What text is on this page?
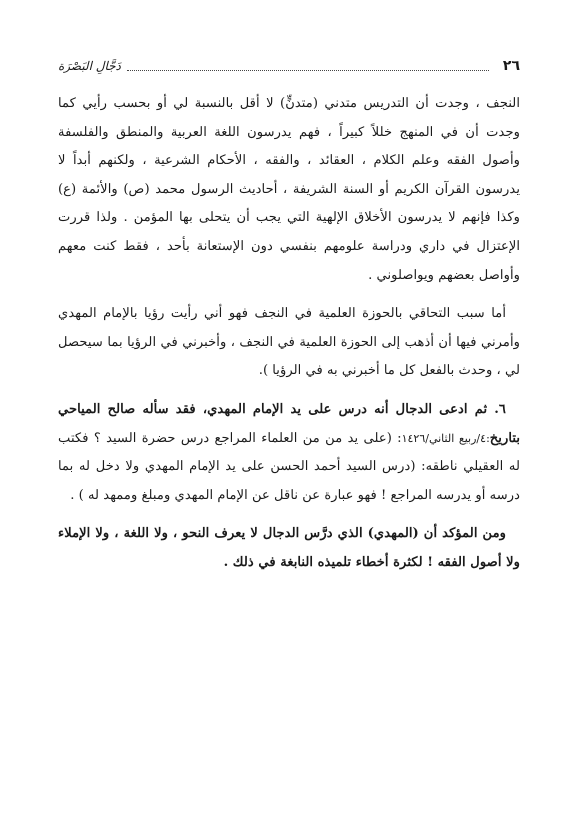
٢٦
دَجَّالِ البَصْرَة

النجف ، وجدت أن التدريس متدني (متدنٍّ) لا أقل بالنسبة لي أو بحسب رأيي كما وجدت أن في المنهج خللاً كبيراً ، فهم يدرسون اللغة العربية والمنطق والفلسفة وأصول الفقه وعلم الكلام ، العقائد ، والفقه ، الأحكام الشرعية ، ولكنهم أبداً لا يدرسون القرآن الكريم أو السنة الشريفة ، أحاديث الرسول محمد (ص) والأئمة (ع) وكذا فإنهم لا يدرسون الأخلاق الإلهية التي يجب أن يتحلى بها المؤمن . ولذا قررت الإعتزال في داري ودراسة علومهم بنفسي دون الإستعانة بأحد ، فقط كنت معهم وأواصل بعضهم ويواصلوني .

أما سبب التحاقي بالحوزة العلمية في النجف فهو أني رأيت رؤيا بالإمام المهدي وأمرني فيها أن أذهب إلى الحوزة العلمية في النجف ، وأخبرني في الرؤيا بما سيحصل لي ، وحدث بالفعل كل ما أخبرني به في الرؤيا ).

٦. ثم ادعى الدجال أنه درس على يد الإمام المهدي، فقد سأله صالح المياحي بتاريخ:٤/ربيع الثاني/١٤٢٦: (على يد من من العلماء المراجع درس حضرة السيد ؟ فكتب له العقيلي ناطقه: (درس السيد أحمد الحسن على يد الإمام المهدي ولا دخل له بما درسه أو يدرسه المراجع ! فهو عبارة عن ناقل عن الإمام المهدي ومبلغ وممهد له ) .

ومن المؤكد أن (المهدي) الذي درَّس الدجال لا يعرف النحو ، ولا اللغة ، ولا الإملاء ولا أصول الفقه ! لكثرة أخطاء تلميذه النابغة في ذلك .
